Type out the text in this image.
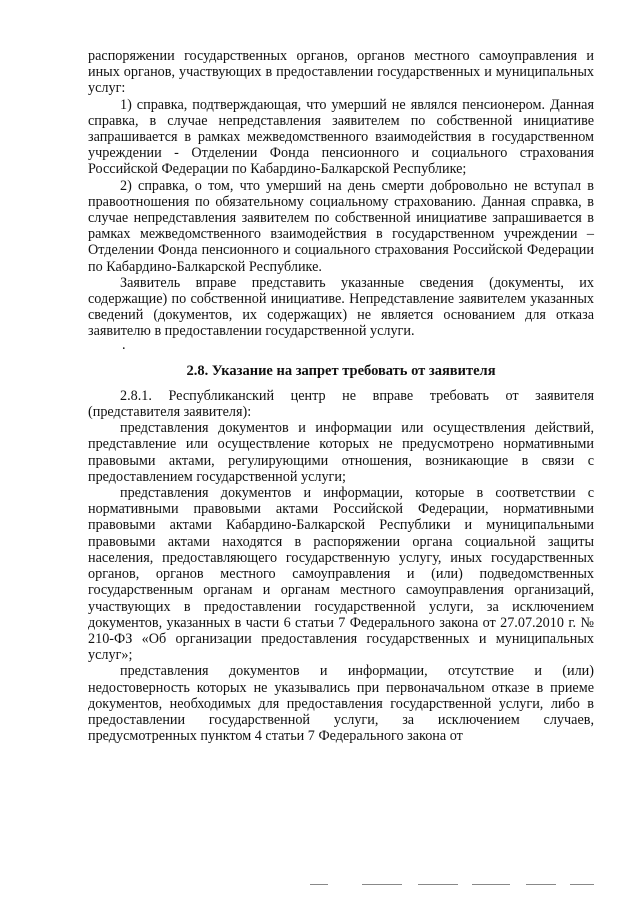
распоряжении государственных органов, органов местного самоуправления и иных органов, участвующих в предоставлении государственных и муниципальных услуг:

1) справка, подтверждающая, что умерший не являлся пенсионером. Данная справка, в случае непредставления заявителем по собственной инициативе запрашивается в рамках межведомственного взаимодействия в государственном учреждении - Отделении Фонда пенсионного и социального страхования Российской Федерации по Кабардино-Балкарской Республике;

2) справка, о том, что умерший на день смерти добровольно не вступал в правоотношения по обязательному социальному страхованию. Данная справка, в случае непредставления заявителем по собственной инициативе запрашивается в рамках межведомственного взаимодействия в государственном учреждении – Отделении Фонда пенсионного и социального страхования Российской Федерации по Кабардино-Балкарской Республике.

Заявитель вправе представить указанные сведения (документы, их содержащие) по собственной инициативе. Непредставление заявителем указанных сведений (документов, их содержащих) не является основанием для отказа заявителю в предоставлении государственной услуги.

.
2.8. Указание на запрет требовать от заявителя

2.8.1. Республиканский центр не вправе требовать от заявителя (представителя заявителя):

представления документов и информации или осуществления действий, представление или осуществление которых не предусмотрено нормативными правовыми актами, регулирующими отношения, возникающие в связи с предоставлением государственной услуги;

представления документов и информации, которые в соответствии с нормативными правовыми актами Российской Федерации, нормативными правовыми актами Кабардино-Балкарской Республики и муниципальными правовыми актами находятся в распоряжении органа социальной защиты населения, предоставляющего государственную услугу, иных государственных органов, органов местного самоуправления и (или) подведомственных государственным органам и органам местного самоуправления организаций, участвующих в предоставлении государственной услуги, за исключением документов, указанных в части 6 статьи 7 Федерального закона от 27.07.2010 г. № 210-ФЗ «Об организации предоставления государственных и муниципальных услуг»;

представления документов и информации, отсутствие и (или) недостоверность которых не указывались при первоначальном отказе в приеме документов, необходимых для предоставления государственной услуги, либо в предоставлении государственной услуги, за исключением случаев, предусмотренных пунктом 4 статьи 7 Федерального закона от
